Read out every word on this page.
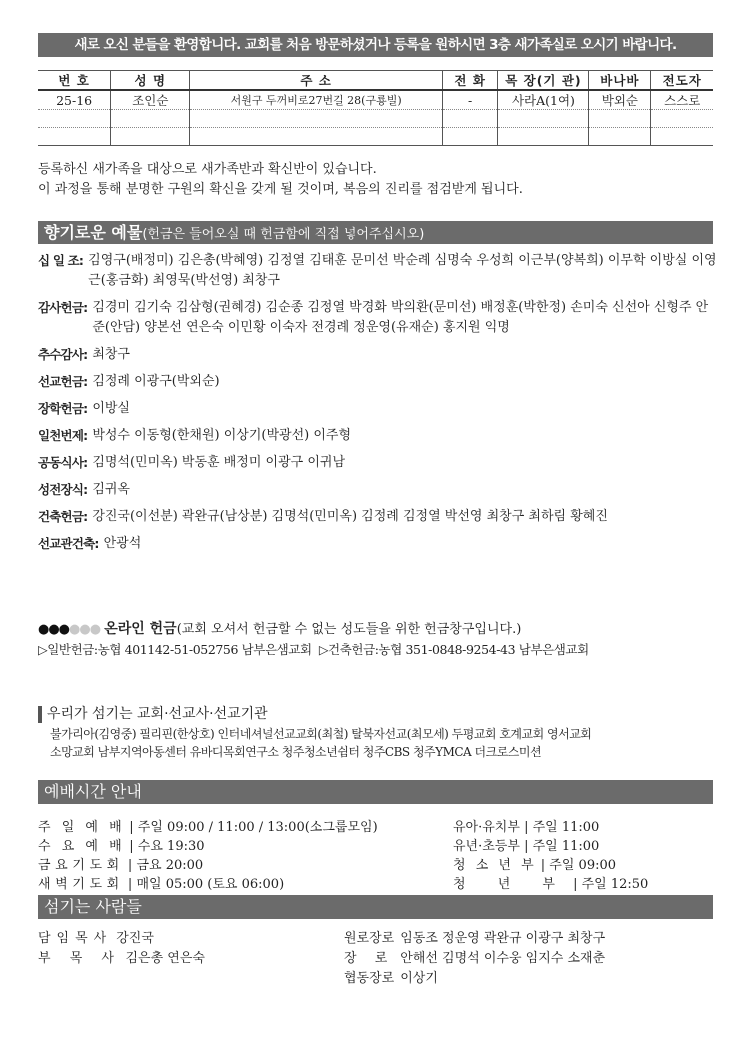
새로 오신 분들을 환영합니다. 교회를 처음 방문하셨거나 등록을 원하시면 3층 새가족실로 오시기 바랍니다.
번 호	성 명	주 소	전 화	목 장(기 관)	바나바	전도자
25-16	조인순	서원구 두꺼비로27번길 28(구룡빌)	-	사라A(1여)	박외순	스스로

등록하신 새가족을 대상으로 새가족반과 확신반이 있습니다.
이 과정을 통해 분명한 구원의 확신을 갖게 될 것이며, 복음의 진리를 점검받게 됩니다.
향기로운 예물(헌금은 들어오실 때 헌금함에 직접 넣어주십시오)
십 일 조: 김영구(배정미) 김은총(박혜영) 김정열 김태훈 문미선 박순례 심명숙 우성희 이근부(양복희) 이무학 이방실 이영근(홍금화) 최영묵(박선영) 최창구
감사헌금: 김경미 김기숙 김삼형(권혜경) 김순종 김정열 박경화 박의환(문미선) 배정훈(박한정) 손미숙 신선아 신형주 안준(안담) 양본선 연은숙 이민황 이숙자 전경례 정운영(유재순) 홍지원 익명
추수감사: 최창구
선교헌금: 김정례 이광구(박외순)
장학헌금: 이방실
일천번제: 박성수 이동형(한채원) 이상기(박광선) 이주형
공동식사: 김명석(민미옥) 박동훈 배정미 이광구 이귀남
성전장식: 김귀옥
건축헌금: 강진국(이선분) 곽완규(남상분) 김명석(민미옥) 김정례 김정열 박선영 최창구 최하림 황혜진
선교관건축: 안광석
●●●●●● 온라인 헌금(교회 오셔서 헌금할 수 없는 성도들을 위한 헌금창구입니다.)
▷일반헌금:농협 401142-51-052756 남부은샘교회 ▷건축헌금:농협 351-0848-9254-43 남부은샘교회
우리가 섬기는 교회·선교사·선교기관
불가리아(김영중) 필리핀(한상호) 인터네셔널선교교회(최철) 탈북자선교(최모세) 두평교회 호계교회 영서교회
소망교회 남부지역아동센터 유바디목회연구소 청주청소년쉼터 청주CBS 청주YMCA 더크로스미션
예배시간 안내
주 일 예 배 | 주일 09:00 / 11:00 / 13:00(소그룹모임)
수 요 예 배 | 수요 19:30
금요기도회 | 금요 20:00
새벽기도회 | 매일 05:00 (토요 06:00)
유아·유치부 | 주일 11:00
유년·초등부 | 주일 11:00
청 소 년 부 | 주일 09:00
청 년 부 | 주일 12:50
섬기는 사람들
담임목사 강진국
부 목 사 김은총 연은숙
원로장로 임동조 정운영 곽완규 이광구 최창구
장 로 안해선 김명석 이수웅 임지수 소재춘
협동장로 이상기
